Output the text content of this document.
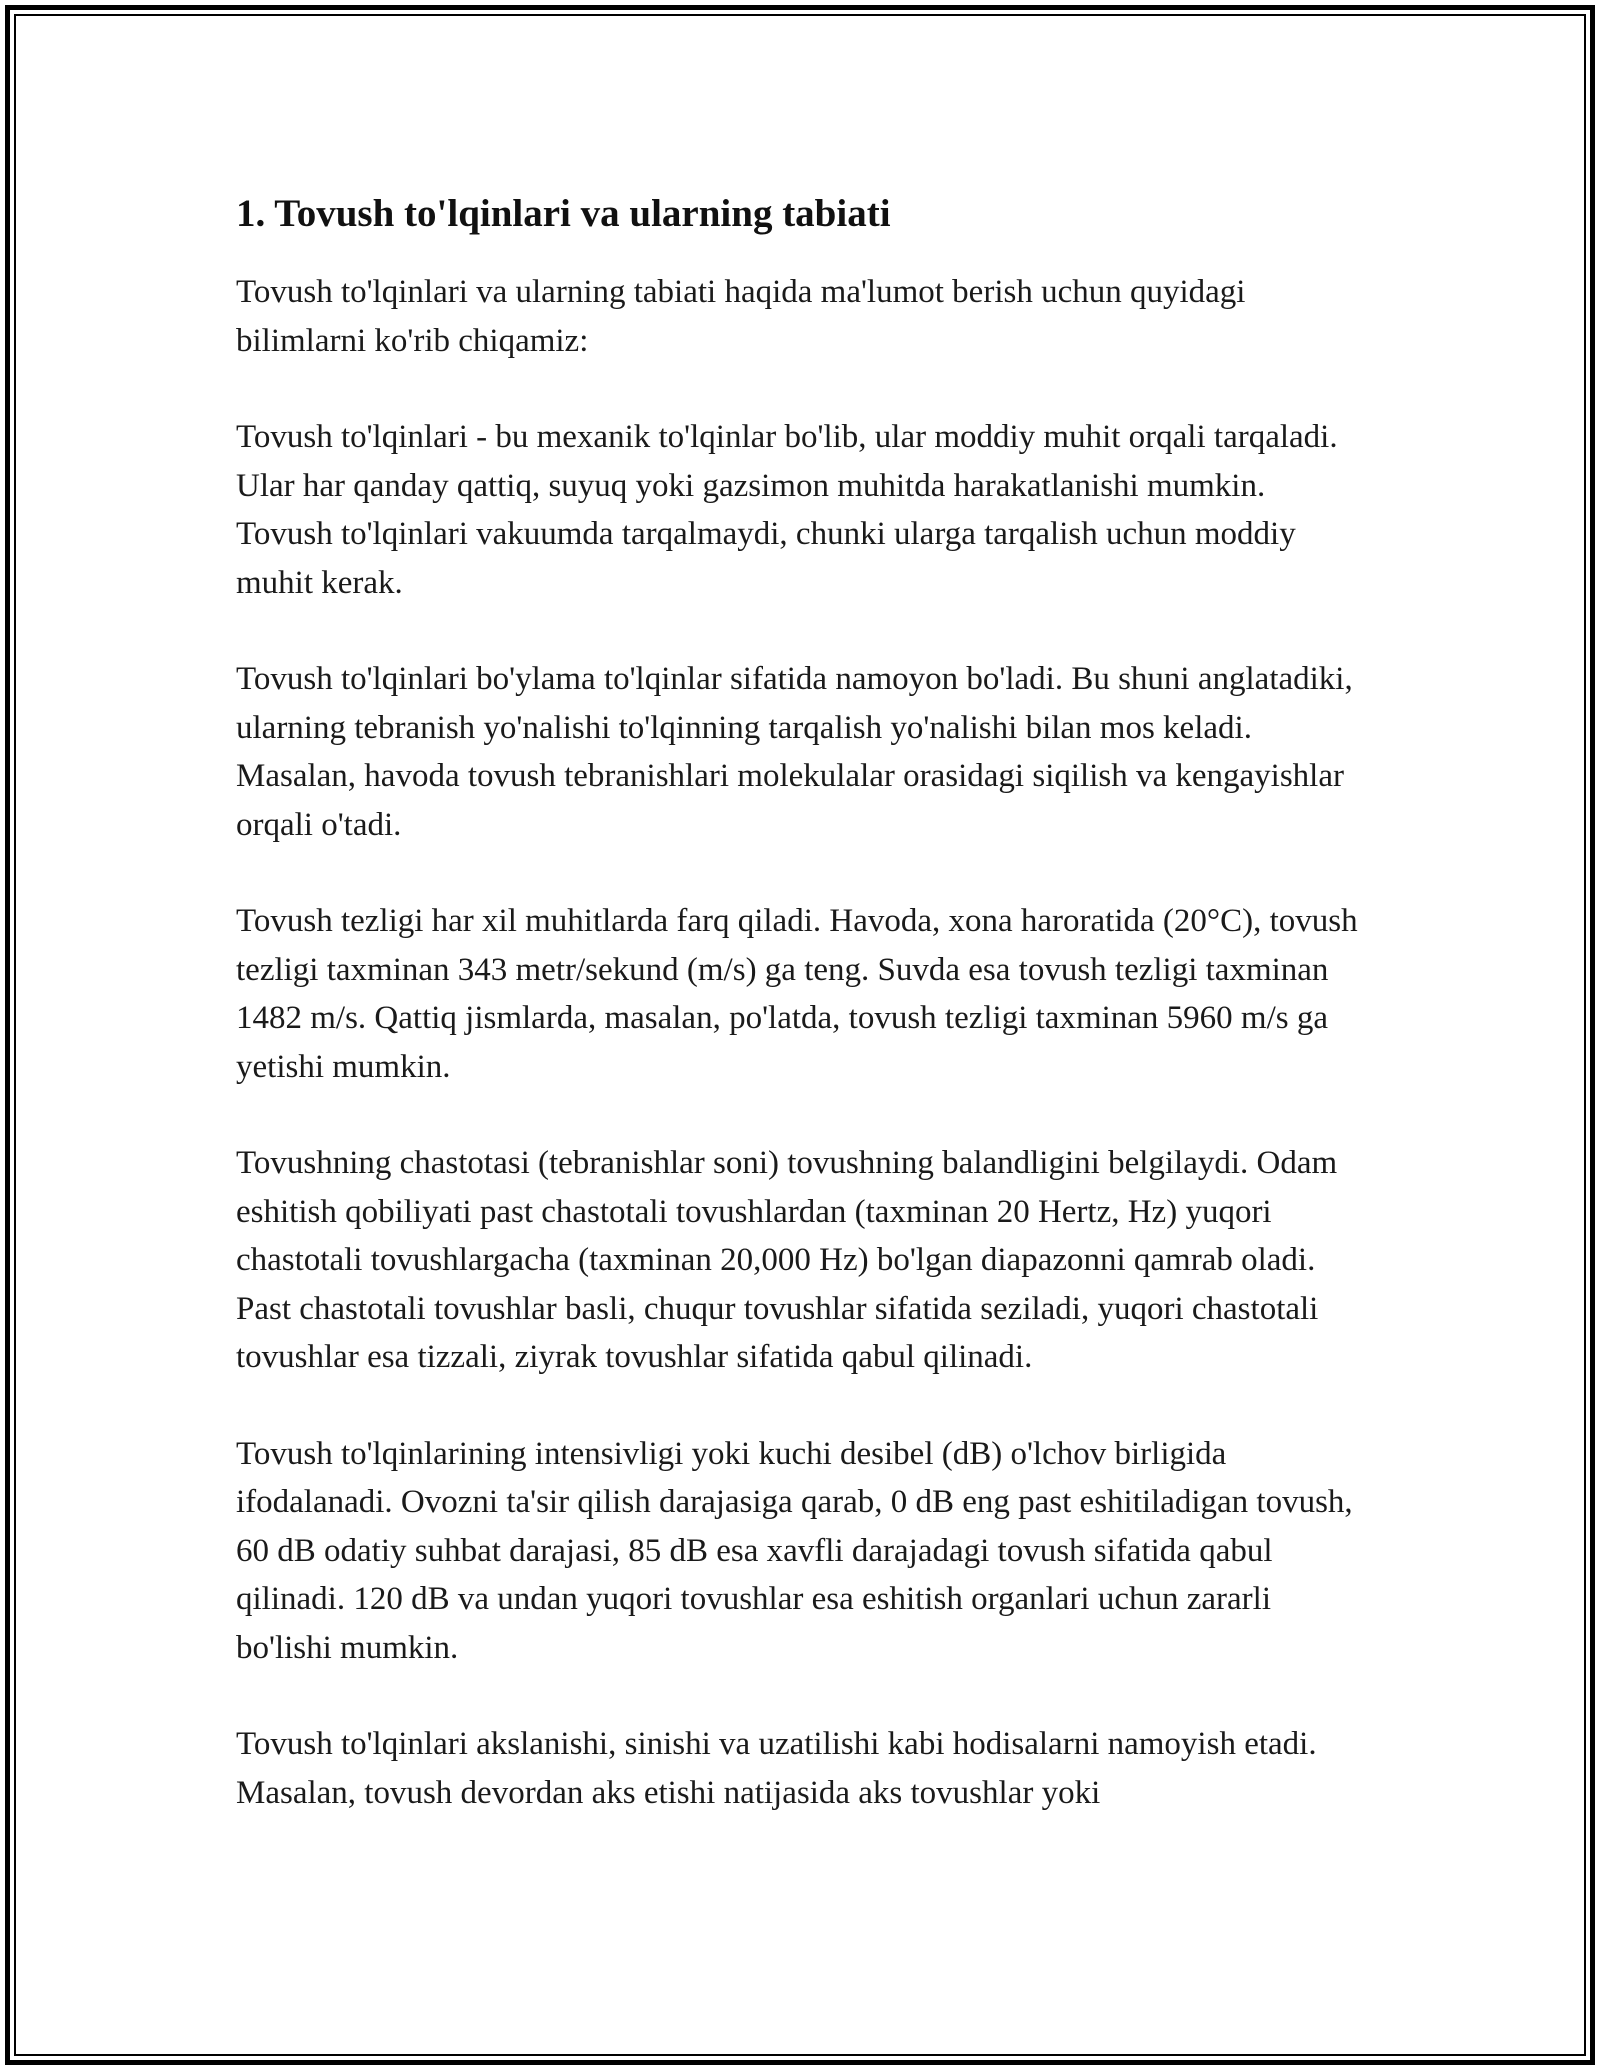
1. Tovush to'lqinlari va ularning tabiati

Tovush to'lqinlari va ularning tabiati haqida ma'lumot berish uchun quyidagi bilimlarni ko'rib chiqamiz:

Tovush to'lqinlari - bu mexanik to'lqinlar bo'lib, ular moddiy muhit orqali tarqaladi. Ular har qanday qattiq, suyuq yoki gazsimon muhitda harakatlanishi mumkin. Tovush to'lqinlari vakuumda tarqalmaydi, chunki ularga tarqalish uchun moddiy muhit kerak.

Tovush to'lqinlari bo'ylama to'lqinlar sifatida namoyon bo'ladi. Bu shuni anglatadiki, ularning tebranish yo'nalishi to'lqinning tarqalish yo'nalishi bilan mos keladi. Masalan, havoda tovush tebranishlari molekulalar orasidagi siqilish va kengayishlar orqali o'tadi.

Tovush tezligi har xil muhitlarda farq qiladi. Havoda, xona haroratida (20°C), tovush tezligi taxminan 343 metr/sekund (m/s) ga teng. Suvda esa tovush tezligi taxminan 1482 m/s. Qattiq jismlarda, masalan, po'latda, tovush tezligi taxminan 5960 m/s ga yetishi mumkin.

Tovushning chastotasi (tebranishlar soni) tovushning balandligini belgilaydi. Odam eshitish qobiliyati past chastotali tovushlardan (taxminan 20 Hertz, Hz) yuqori chastotali tovushlargacha (taxminan 20,000 Hz) bo'lgan diapazonni qamrab oladi. Past chastotali tovushlar basli, chuqur tovushlar sifatida seziladi, yuqori chastotali tovushlar esa tizzali, ziyrak tovushlar sifatida qabul qilinadi.

Tovush to'lqinlarining intensivligi yoki kuchi desibel (dB) o'lchov birligida ifodalanadi. Ovozni ta'sir qilish darajasiga qarab, 0 dB eng past eshitiladigan tovush, 60 dB odatiy suhbat darajasi, 85 dB esa xavfli darajadagi tovush sifatida qabul qilinadi. 120 dB va undan yuqori tovushlar esa eshitish organlari uchun zararli bo'lishi mumkin.

Tovush to'lqinlari akslanishi, sinishi va uzatilishi kabi hodisalarni namoyish etadi. Masalan, tovush devordan aks etishi natijasida aks tovushlar yoki
